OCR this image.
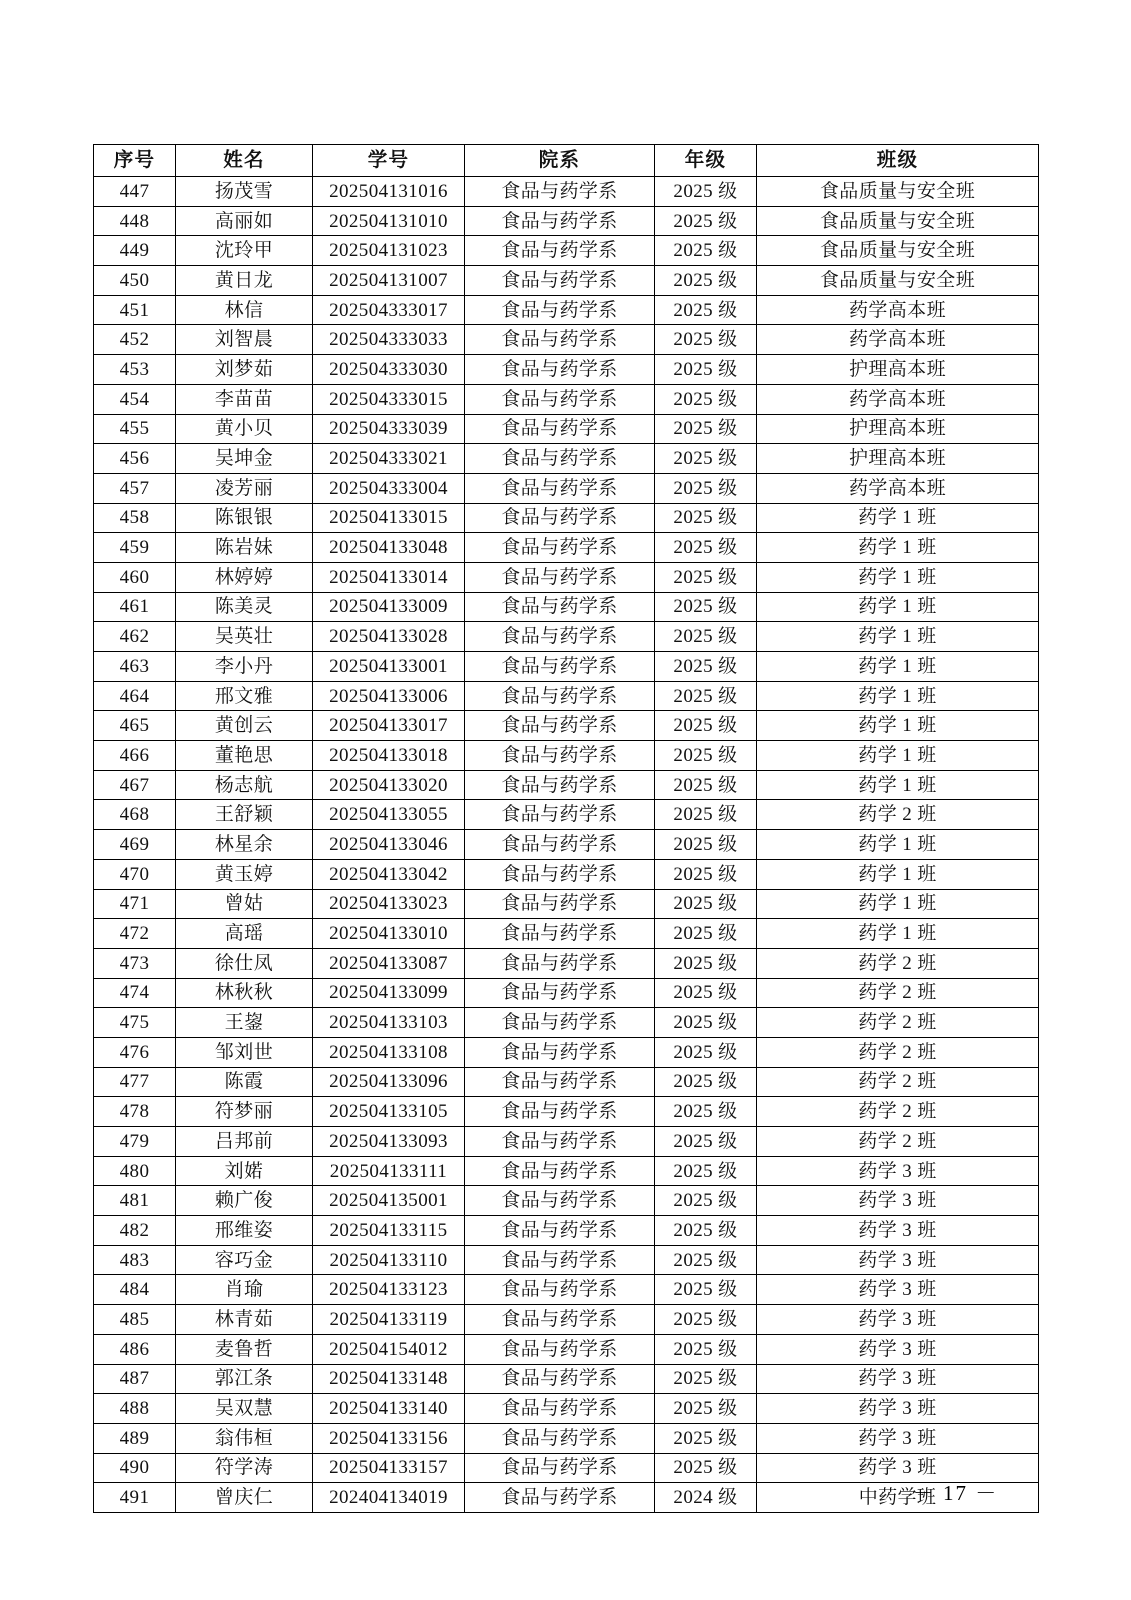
序号	姓名	学号	院系	年级	班级
447	扬茂雪	202504131016	食品与药学系	2025 级	食品质量与安全班
448	高丽如	202504131010	食品与药学系	2025 级	食品质量与安全班
449	沈玲甲	202504131023	食品与药学系	2025 级	食品质量与安全班
450	黄日龙	202504131007	食品与药学系	2025 级	食品质量与安全班
451	林信	202504333017	食品与药学系	2025 级	药学高本班
452	刘智晨	202504333033	食品与药学系	2025 级	药学高本班
453	刘梦茹	202504333030	食品与药学系	2025 级	护理高本班
454	李苗苗	202504333015	食品与药学系	2025 级	药学高本班
455	黄小贝	202504333039	食品与药学系	2025 级	护理高本班
456	吴坤金	202504333021	食品与药学系	2025 级	护理高本班
457	凌芳丽	202504333004	食品与药学系	2025 级	药学高本班
458	陈银银	202504133015	食品与药学系	2025 级	药学 1 班
459	陈岩妹	202504133048	食品与药学系	2025 级	药学 1 班
460	林婷婷	202504133014	食品与药学系	2025 级	药学 1 班
461	陈美灵	202504133009	食品与药学系	2025 级	药学 1 班
462	吴英壮	202504133028	食品与药学系	2025 级	药学 1 班
463	李小丹	202504133001	食品与药学系	2025 级	药学 1 班
464	邢文雅	202504133006	食品与药学系	2025 级	药学 1 班
465	黄创云	202504133017	食品与药学系	2025 级	药学 1 班
466	董艳思	202504133018	食品与药学系	2025 级	药学 1 班
467	杨志航	202504133020	食品与药学系	2025 级	药学 1 班
468	王舒颖	202504133055	食品与药学系	2025 级	药学 2 班
469	林星余	202504133046	食品与药学系	2025 级	药学 1 班
470	黄玉婷	202504133042	食品与药学系	2025 级	药学 1 班
471	曾姑	202504133023	食品与药学系	2025 级	药学 1 班
472	高瑶	202504133010	食品与药学系	2025 级	药学 1 班
473	徐仕凤	202504133087	食品与药学系	2025 级	药学 2 班
474	林秋秋	202504133099	食品与药学系	2025 级	药学 2 班
475	王鋆	202504133103	食品与药学系	2025 级	药学 2 班
476	邹刘世	202504133108	食品与药学系	2025 级	药学 2 班
477	陈霞	202504133096	食品与药学系	2025 级	药学 2 班
478	符梦丽	202504133105	食品与药学系	2025 级	药学 2 班
479	吕邦前	202504133093	食品与药学系	2025 级	药学 2 班
480	刘婼	202504133111	食品与药学系	2025 级	药学 3 班
481	赖广俊	202504135001	食品与药学系	2025 级	药学 3 班
482	邢维姿	202504133115	食品与药学系	2025 级	药学 3 班
483	容巧金	202504133110	食品与药学系	2025 级	药学 3 班
484	肖瑜	202504133123	食品与药学系	2025 级	药学 3 班
485	林青茹	202504133119	食品与药学系	2025 级	药学 3 班
486	麦鲁哲	202504154012	食品与药学系	2025 级	药学 3 班
487	郭江条	202504133148	食品与药学系	2025 级	药学 3 班
488	吴双慧	202504133140	食品与药学系	2025 级	药学 3 班
489	翁伟桓	202504133156	食品与药学系	2025 级	药学 3 班
490	符学涛	202504133157	食品与药学系	2025 级	药学 3 班
491	曾庆仁	202404134019	食品与药学系	2024 级	中药学班
－ 17 －
